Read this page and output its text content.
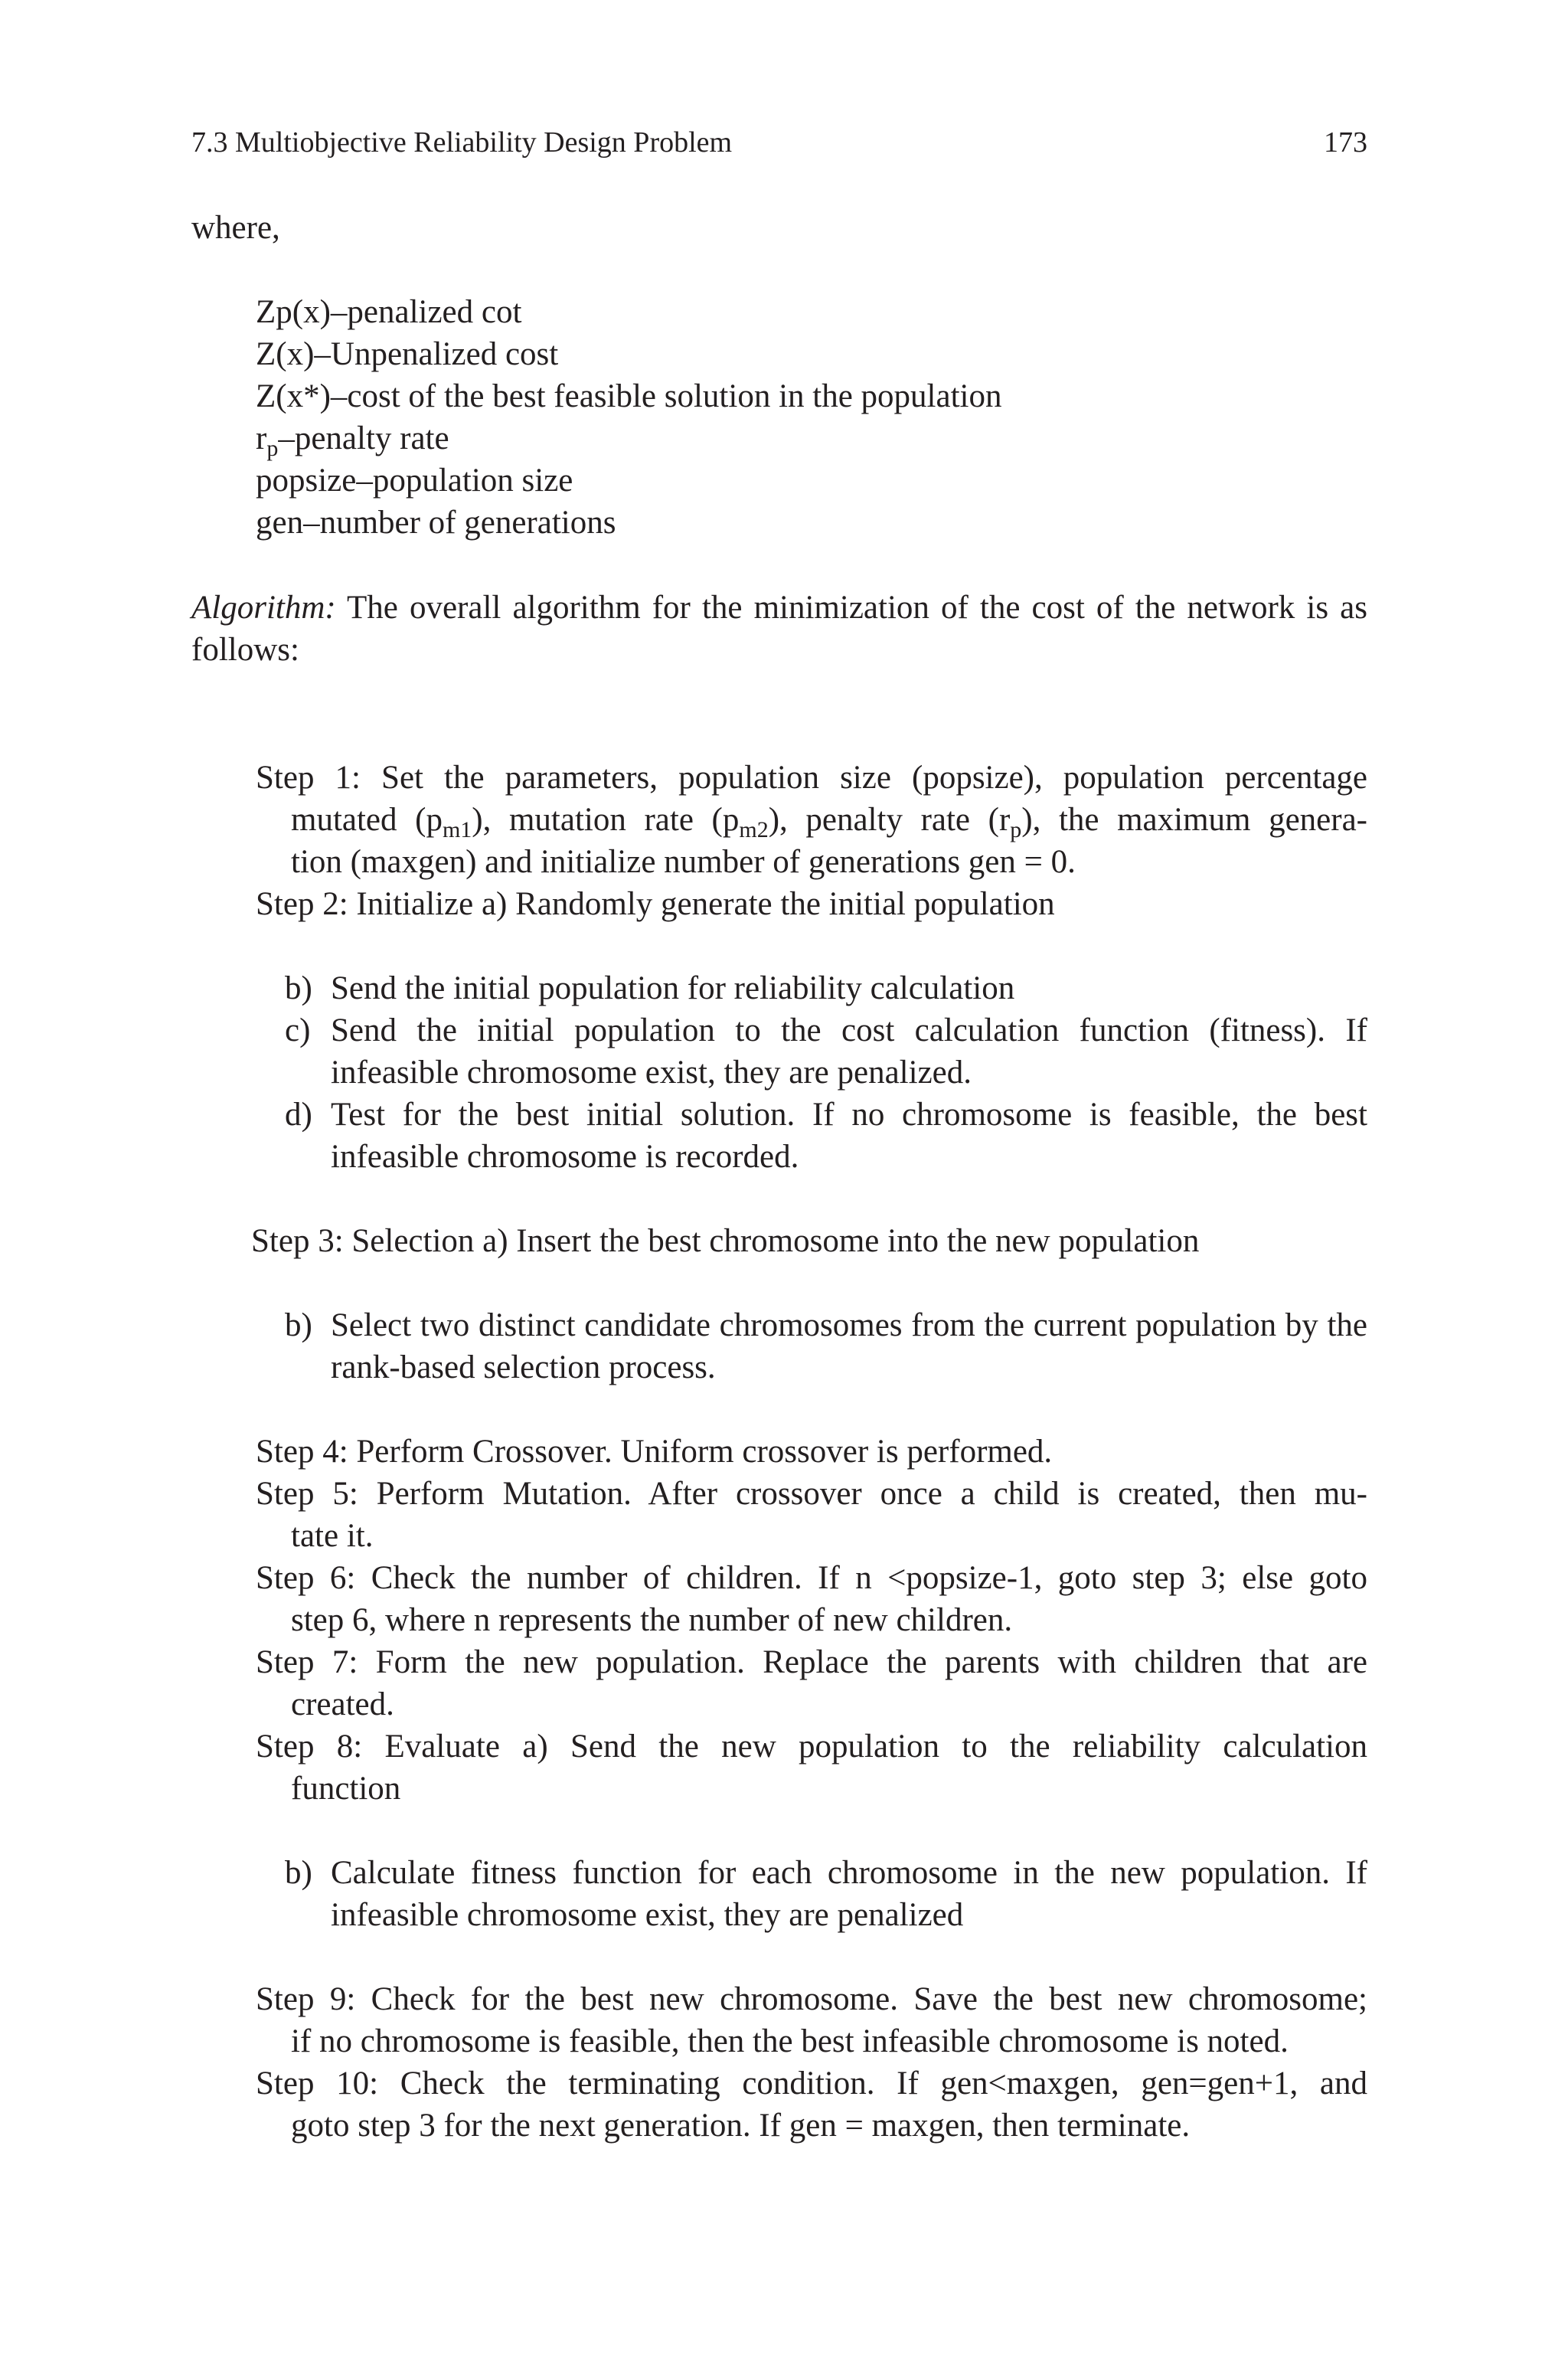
7.3 Multiobjective Reliability Design Problem	173
where,
Zp(x)–penalized cot
Z(x)–Unpenalized cost
Z(x*)–cost of the best feasible solution in the population
$r_p$–penalty rate
popsize–population size
gen–number of generations
Algorithm: The overall algorithm for the minimization of the cost of the network is as follows:
Step 1: Set the parameters, population size (popsize), population percentage
mutated $(p_{m1})$, mutation rate $(p_{m2})$, penalty rate $(r_p)$, the maximum genera-
tion (maxgen) and initialize number of generations gen = 0.
Step 2: Initialize a) Randomly generate the initial population
b) Send the initial population for reliability calculation
c) Send the initial population to the cost calculation function (fitness). If infeasible chromosome exist, they are penalized.
d) Test for the best initial solution. If no chromosome is feasible, the best infeasible chromosome is recorded.
Step 3: Selection a) Insert the best chromosome into the new population
b) Select two distinct candidate chromosomes from the current population by the rank-based selection process.
Step 4: Perform Crossover. Uniform crossover is performed.
Step 5: Perform Mutation. After crossover once a child is created, then mu-
tate it.
Step 6: Check the number of children. If n <popsize-1, goto step 3; else goto
step 6, where n represents the number of new children.
Step 7: Form the new population. Replace the parents with children that are
created.
Step 8: Evaluate a) Send the new population to the reliability calculation
function
b) Calculate fitness function for each chromosome in the new population. If infeasible chromosome exist, they are penalized
Step 9: Check for the best new chromosome. Save the best new chromosome;
if no chromosome is feasible, then the best infeasible chromosome is noted.
Step 10: Check the terminating condition. If gen<maxgen, gen=gen+1, and
goto step 3 for the next generation. If gen = maxgen, then terminate.
